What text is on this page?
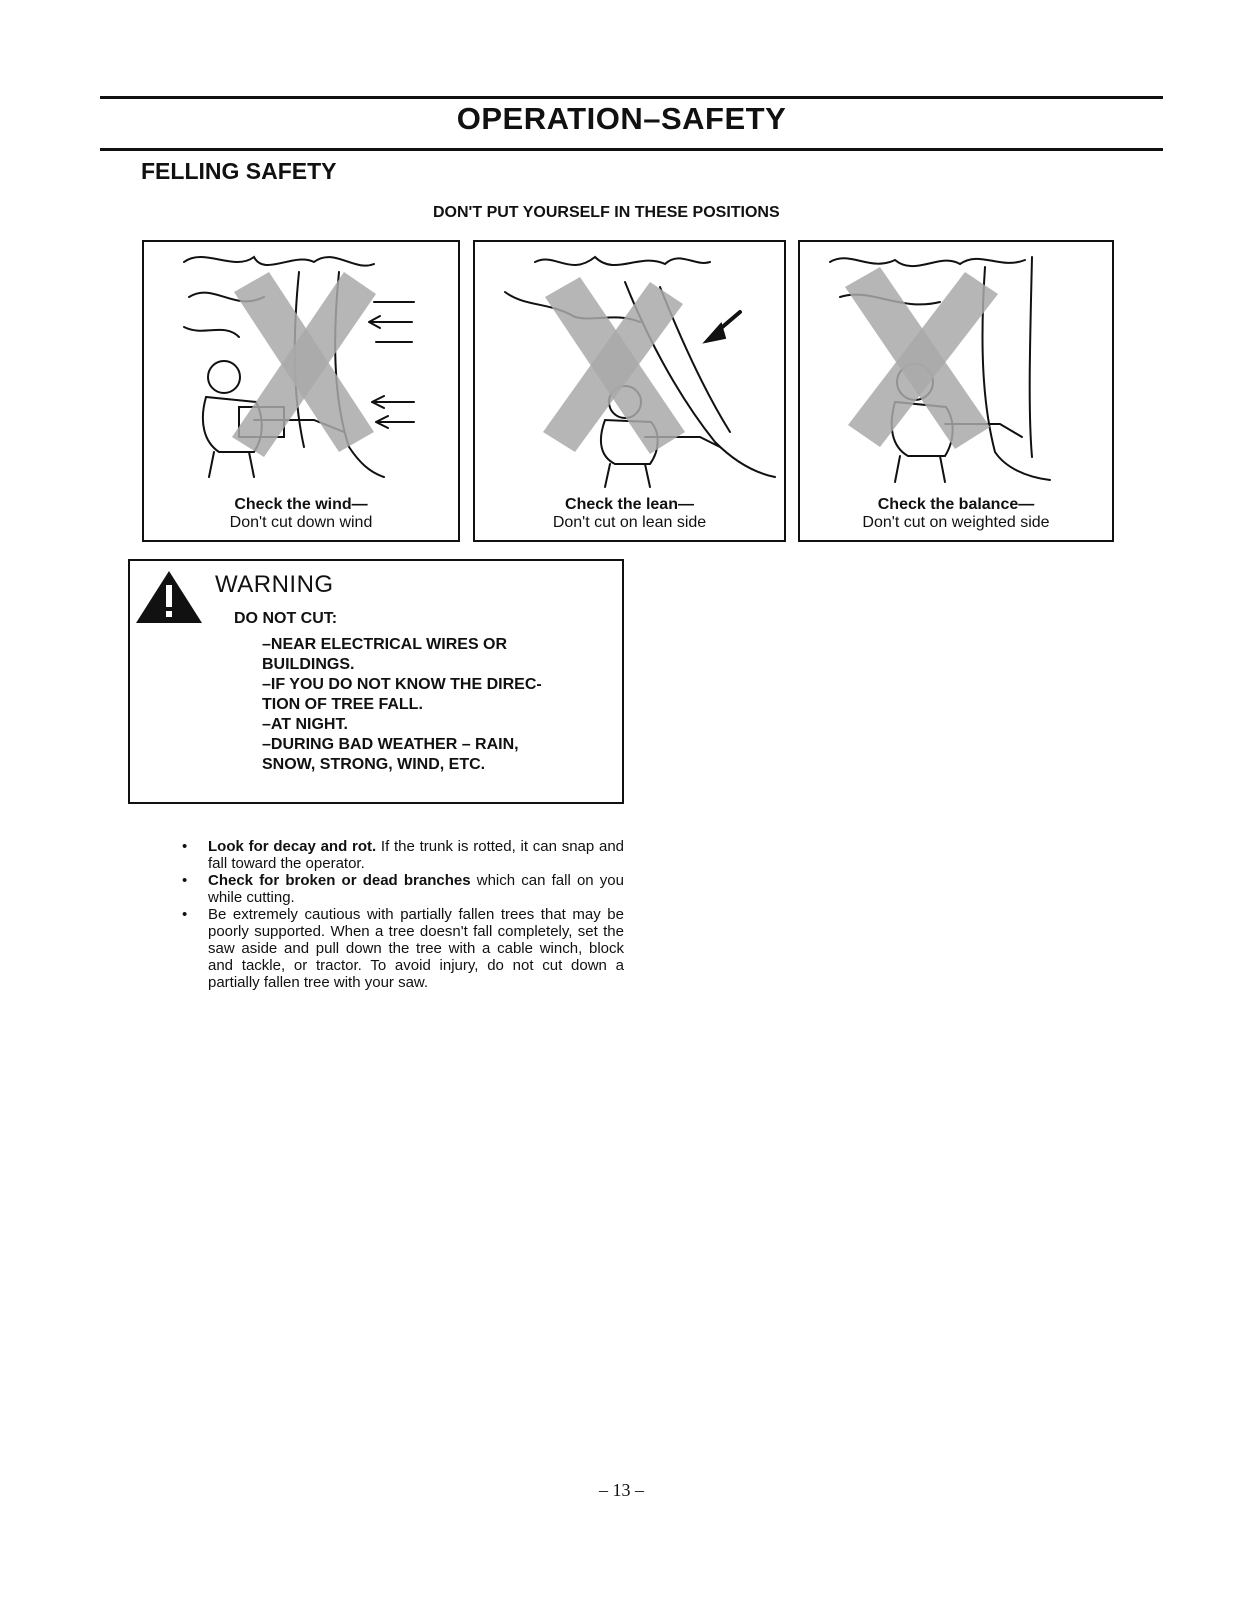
OPERATION–SAFETY
FELLING SAFETY
DON'T PUT YOURSELF IN THESE POSITIONS
Check the wind—
Don't cut down wind
Check the lean—
Don't cut on lean side
Check the balance—
Don't cut on weighted side
WARNING
DO NOT CUT:
–NEAR ELECTRICAL WIRES OR
BUILDINGS.
–IF YOU DO NOT KNOW THE DIREC-
TION OF TREE FALL.
–AT NIGHT.
–DURING BAD WEATHER – RAIN,
SNOW, STRONG, WIND, ETC.
• Look for decay and rot. If the trunk is rotted, it can snap and fall toward the operator.
• Check for broken or dead branches which can fall on you while cutting.
• Be extremely cautious with partially fallen trees that may be poorly supported. When a tree doesn't fall completely, set the saw aside and pull down the tree with a cable winch, block and tackle, or tractor. To avoid injury, do not cut down a partially fallen tree with your saw.
– 13 –
